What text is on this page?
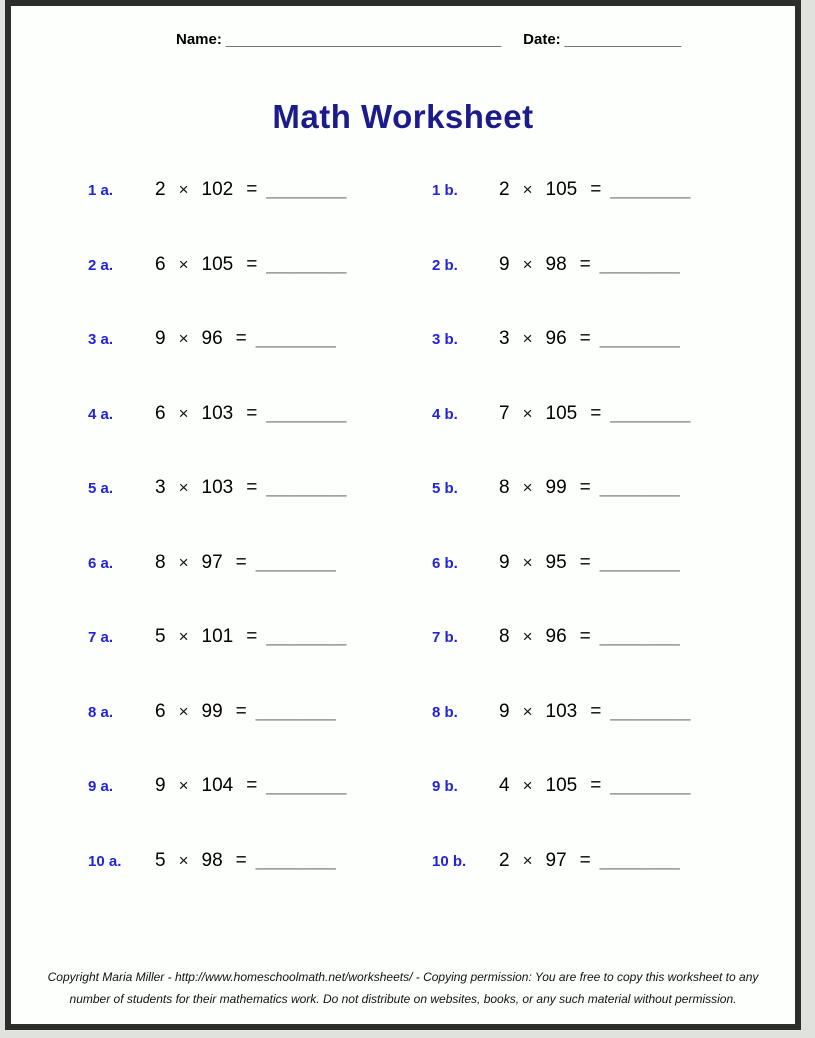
Name: _________________________________ Date: ______________
Math Worksheet
1 a.	2 × 102 = ________	1 b.	2 × 105 = ________
2 a.	6 × 105 = ________	2 b.	9 × 98 = ________
3 a.	9 × 96 = ________	3 b.	3 × 96 = ________
4 a.	6 × 103 = ________	4 b.	7 × 105 = ________
5 a.	3 × 103 = ________	5 b.	8 × 99 = ________
6 a.	8 × 97 = ________	6 b.	9 × 95 = ________
7 a.	5 × 101 = ________	7 b.	8 × 96 = ________
8 a.	6 × 99 = ________	8 b.	9 × 103 = ________
9 a.	9 × 104 = ________	9 b.	4 × 105 = ________
10 a.	5 × 98 = ________	10 b.	2 × 97 = ________
Copyright Maria Miller - http://www.homeschoolmath.net/worksheets/ - Copying permission: You are free to copy this worksheet to any
number of students for their mathematics work. Do not distribute on websites, books, or any such material without permission.
